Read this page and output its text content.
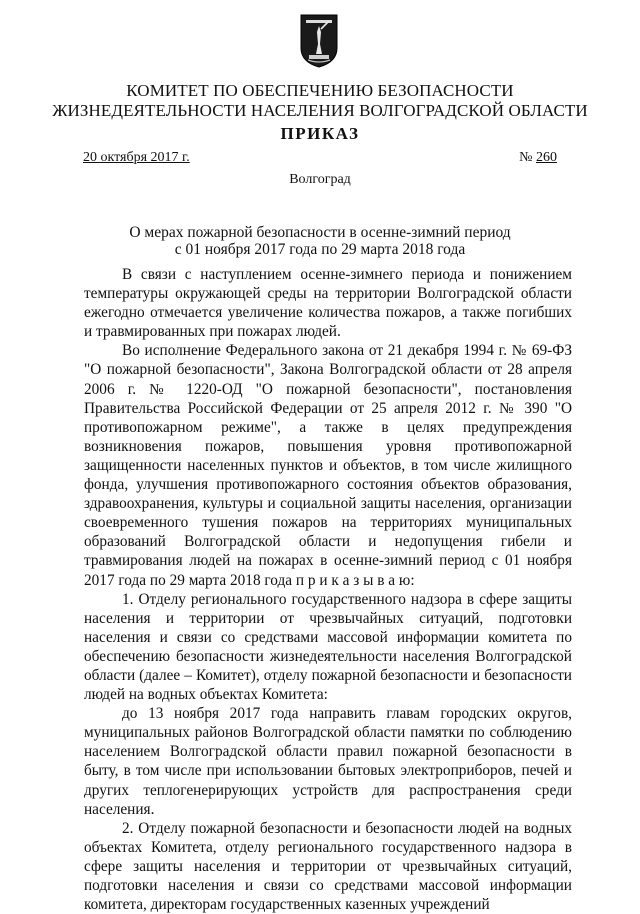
КОМИТЕТ ПО ОБЕСПЕЧЕНИЮ БЕЗОПАСНОСТИ
ЖИЗНЕДЕЯТЕЛЬНОСТИ НАСЕЛЕНИЯ ВОЛГОГРАДСКОЙ ОБЛАСТИ
ПРИКАЗ
20 октября 2017 г.	№ 260
Волгоград
О мерах пожарной безопасности в осенне-зимний период
с 01 ноября 2017 года по 29 марта 2018 года

В связи с наступлением осенне-зимнего периода и понижением температуры окружающей среды на территории Волгоградской области ежегодно отмечается увеличение количества пожаров, а также погибших и травмированных при пожарах людей.

Во исполнение Федерального закона от 21 декабря 1994 г. № 69-ФЗ "О пожарной безопасности", Закона Волгоградской области от 28 апреля 2006 г. № 1220-ОД "О пожарной безопасности", постановления Правительства Российской Федерации от 25 апреля 2012 г. № 390 "О противопожарном режиме", а также в целях предупреждения возникновения пожаров, повышения уровня противопожарной защищенности населенных пунктов и объектов, в том числе жилищного фонда, улучшения противопожарного состояния объектов образования, здравоохранения, культуры и социальной защиты населения, организации своевременного тушения пожаров на территориях муниципальных образований Волгоградской области и недопущения гибели и травмирования людей на пожарах в осенне-зимний период с 01 ноября 2017 года по 29 марта 2018 года п р и к а з ы в а ю:

1. Отделу регионального государственного надзора в сфере защиты населения и территории от чрезвычайных ситуаций, подготовки населения и связи со средствами массовой информации комитета по обеспечению безопасности жизнедеятельности населения Волгоградской области (далее – Комитет), отделу пожарной безопасности и безопасности людей на водных объектах Комитета:

до 13 ноября 2017 года направить главам городских округов, муниципальных районов Волгоградской области памятки по соблюдению населением Волгоградской области правил пожарной безопасности в быту, в том числе при использовании бытовых электроприборов, печей и других теплогенерирующих устройств для распространения среди населения.

2. Отделу пожарной безопасности и безопасности людей на водных объектах Комитета, отделу регионального государственного надзора в сфере защиты населения и территории от чрезвычайных ситуаций, подготовки населения и связи со средствами массовой информации комитета, директорам государственных казенных учреждений
